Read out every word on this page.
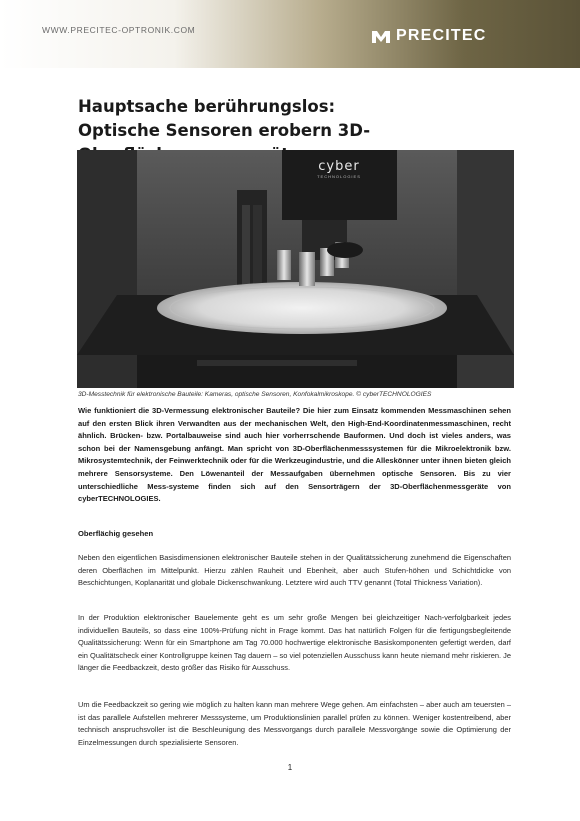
WWW.PRECITEC-OPTRONIK.COM	PRECITEC
Hauptsache berührungslos:
Optische Sensoren erobern 3D-
cyber
TECHNOLOGIES
3D-Messtechnik für elektronische Bauteile: Kameras, optische Sensoren, Konfokalmikroskope. © cyberTECHNOLOGIES
Wie funktioniert die 3D-Vermessung elektronischer Bauteile? Die hier zum Einsatz kommenden Messmaschinen sehen auf den ersten Blick ihren Verwandten aus der mechanischen Welt, den High-End-Koordinatenmessmaschinen, recht ähnlich. Brücken- bzw. Portalbauweise sind auch hier vorherrschende Bauformen. Und doch ist vieles anders, was schon bei der Namensgebung anfängt. Man spricht von 3D-Oberflächenmesssystemen für die Mikroelektronik bzw. Mikrosystemtechnik, der Feinwerktechnik oder für die Werkzeugindustrie, und die Alleskönner unter ihnen bieten gleich mehrere Sensorsysteme. Den Löwenanteil der Messaufgaben übernehmen optische Sensoren. Bis zu vier unterschiedliche Mess-systeme finden sich auf den Sensorträgern der 3D-Oberflächenmessgeräte von cyberTECHNOLOGIES.
Oberflächig gesehen
Neben den eigentlichen Basisdimensionen elektronischer Bauteile stehen in der Qualitätssicherung zunehmend die Eigenschaften deren Oberflächen im Mittelpunkt. Hierzu zählen Rauheit und Ebenheit, aber auch Stufen-höhen und Schichtdicke von Beschichtungen, Koplanarität und globale Dickenschwankung. Letztere wird auch TTV genannt (Total Thickness Variation).
In der Produktion elektronischer Bauelemente geht es um sehr große Mengen bei gleichzeitiger Nach-verfolgbarkeit jedes individuellen Bauteils, so dass eine 100%-Prüfung nicht in Frage kommt. Das hat natürlich Folgen für die fertigungsbegleitende Qualitätssicherung: Wenn für ein Smartphone am Tag 70.000 hochwertige elektronische Basiskomponenten gefertigt werden, darf ein Qualitätscheck einer Kontrollgruppe keinen Tag dauern – so viel potenziellen Ausschuss kann heute niemand mehr riskieren. Je länger die Feedbackzeit, desto größer das Risiko für Ausschuss.
Um die Feedbackzeit so gering wie möglich zu halten kann man mehrere Wege gehen. Am einfachsten – aber auch am teuersten – ist das parallele Aufstellen mehrerer Messsysteme, um Produktionslinien parallel prüfen zu können. Weniger kostentreibend, aber technisch anspruchsvoller ist die Beschleunigung des Messvorgangs durch parallele Messvorgänge sowie die Optimierung der Einzelmessungen durch spezialisierte Sensoren.
1
